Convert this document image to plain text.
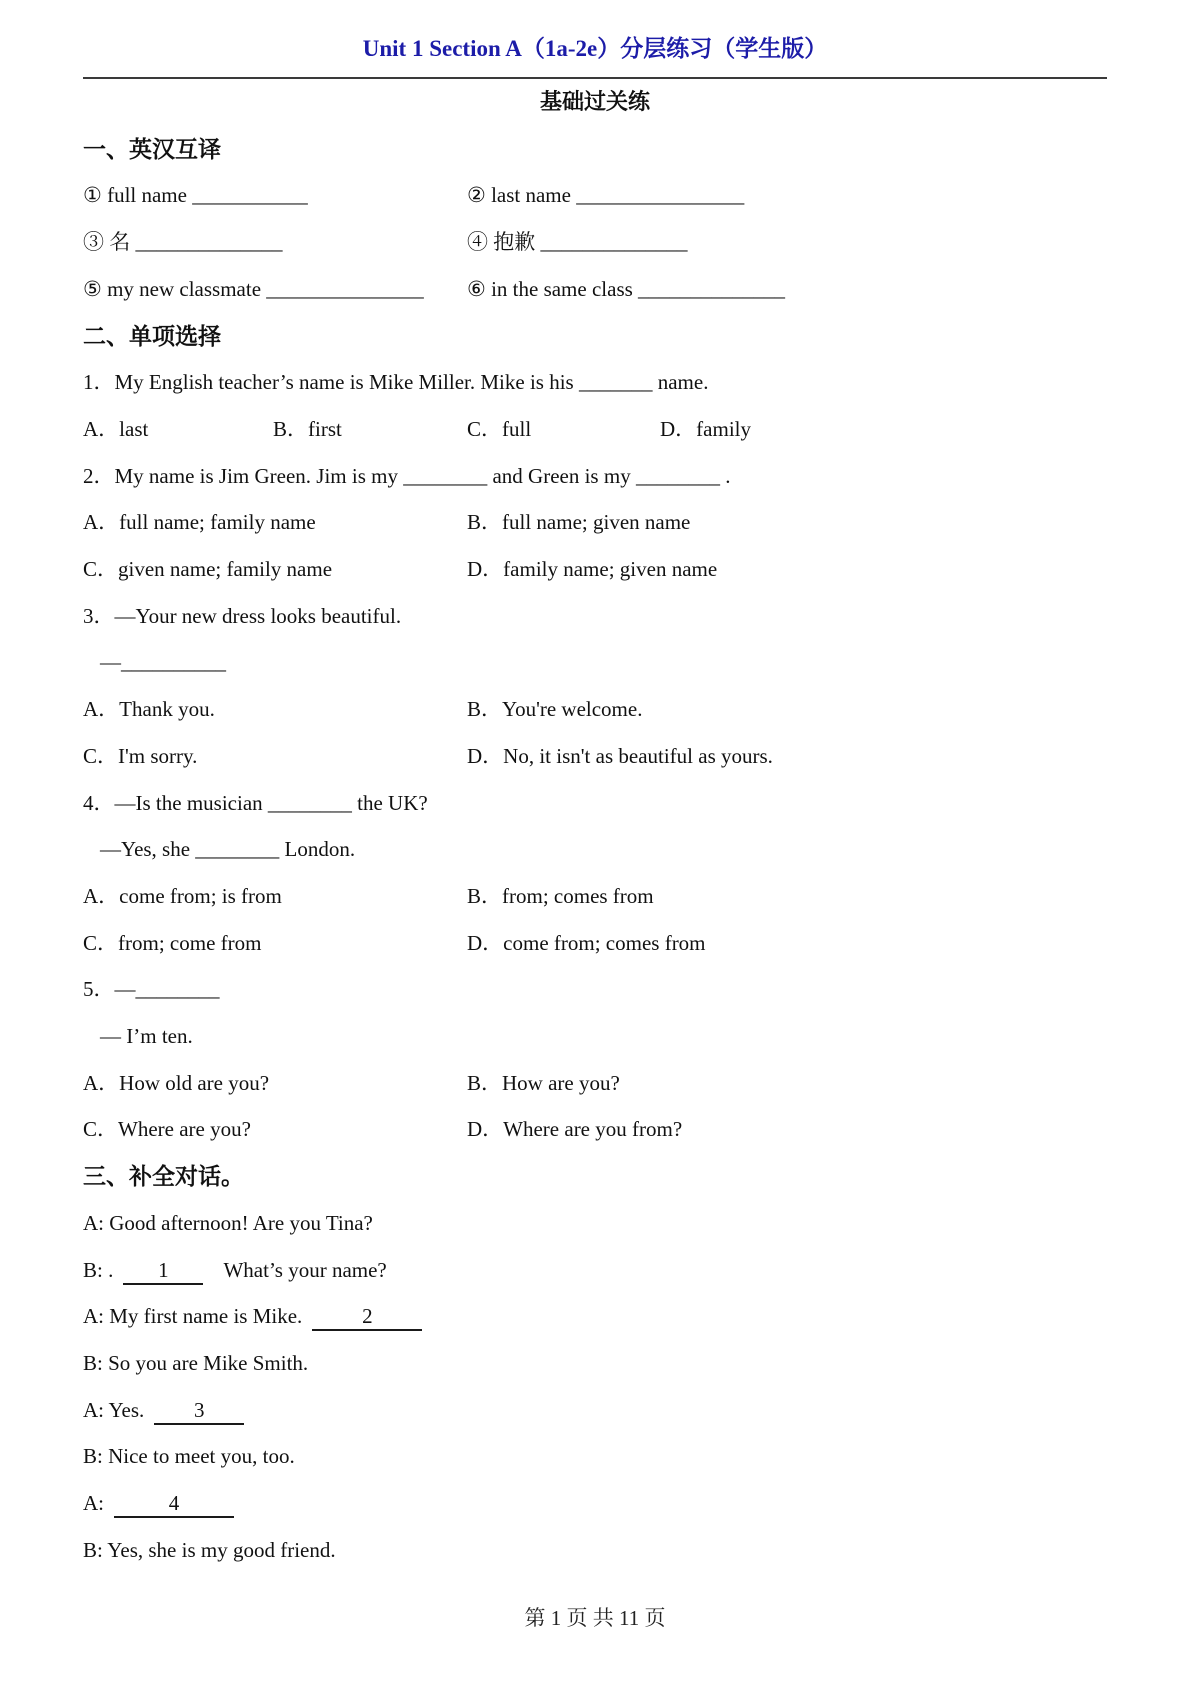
Unit 1 Section A（1a-2e）分层练习（学生版）
基础过关练
一、英汉互译
① full name ___________	② last name ________________
③ 名 ______________	④ 抱歉 ______________
⑤ my new classmate _______________	⑥ in the same class ______________
二、单项选择
1．My English teacher’s name is Mike Miller. Mike is his _______ name.
A．last	B．first	C．full	D．family
2．My name is Jim Green. Jim is my ________ and Green is my ________ .
A．full name; family name	B．full name; given name
C．given name; family name	D．family name; given name
3．—Your new dress looks beautiful.
—__________
A．Thank you.	B．You're welcome.
C．I'm sorry.	D．No, it isn't as beautiful as yours.
4．—Is the musician ________ the UK?
—Yes, she ________ London.
A．come from; is from	B．from; comes from
C．from; come from	D．come from; comes from
5．—________
— I’m ten.
A．How old are you?	B．How are you?
C．Where are you?	D．Where are you from?
三、补全对话。
A: Good afternoon! Are you Tina?
B: . 1  What’s your name?
A: My first name is Mike.	2
B: So you are Mike Smith.
A: Yes. 3
B: Nice to meet you, too.
A:	4
B: Yes, she is my good friend.
第 1 页 共 11 页
